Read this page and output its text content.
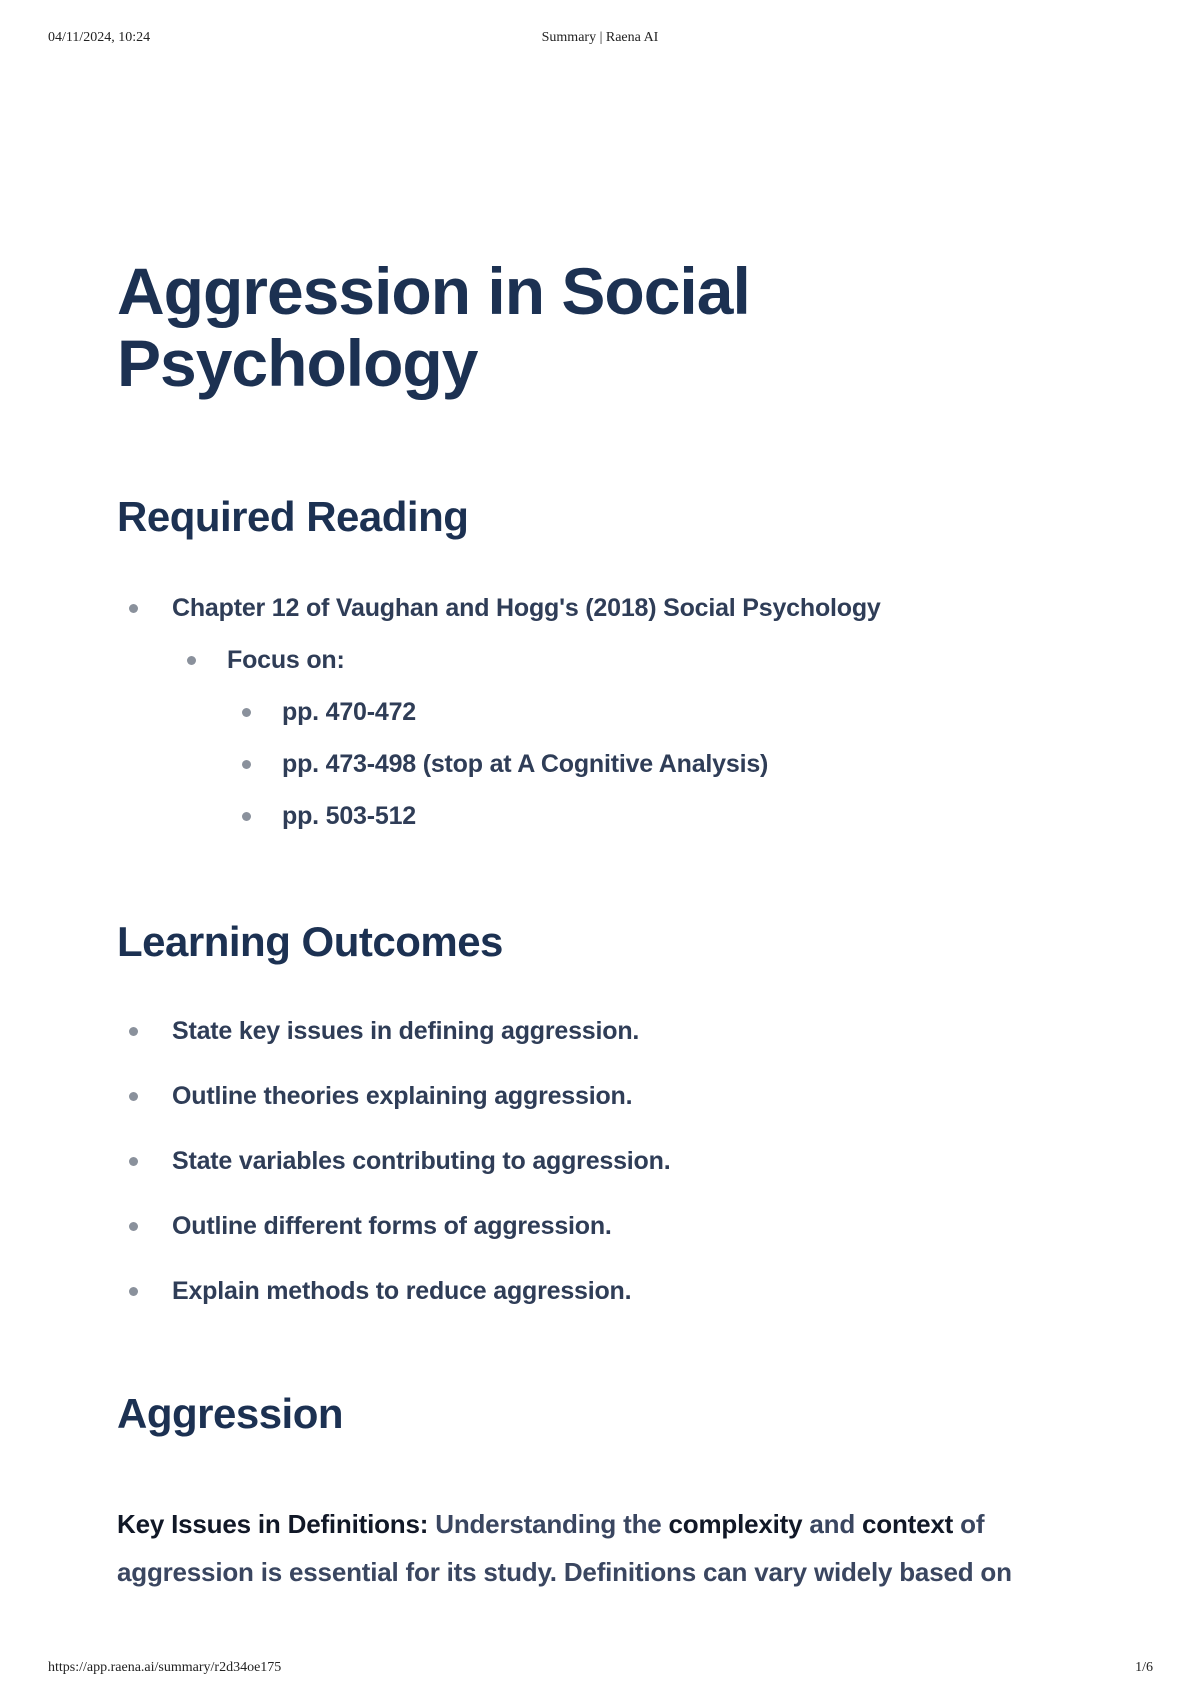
04/11/2024, 10:24	Summary | Raena AI
Aggression in Social Psychology
Required Reading
Chapter 12 of Vaughan and Hogg's (2018) Social Psychology
Focus on:
pp. 470-472
pp. 473-498 (stop at A Cognitive Analysis)
pp. 503-512
Learning Outcomes
State key issues in defining aggression.
Outline theories explaining aggression.
State variables contributing to aggression.
Outline different forms of aggression.
Explain methods to reduce aggression.
Aggression

Key Issues in Definitions: Understanding the complexity and context of aggression is essential for its study. Definitions can vary widely based on

https://app.raena.ai/summary/r2d34oe175	1/6
